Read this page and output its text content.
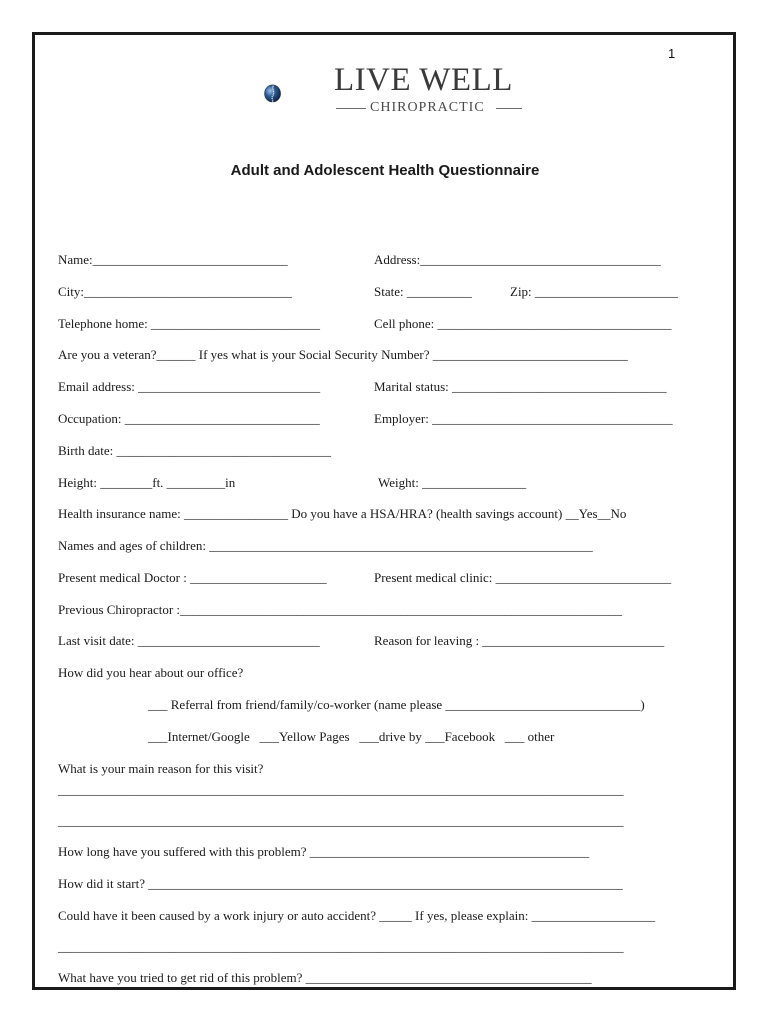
1
LIVE WELL
CHIROPRACTIC
Adult and Adolescent Health Questionnaire
Name:______________________________	Address:_____________________________________
City:________________________________	State: __________	Zip: ______________________
Telephone home: __________________________	Cell phone: ____________________________________
Are you a veteran?______ If yes what is your Social Security Number? ______________________________
Email address: ____________________________	Marital status: _________________________________
Occupation: ______________________________	Employer: _____________________________________
Birth date: _________________________________
Height: ________ft. _________in	Weight: ________________
Health insurance name: ________________ Do you have a HSA/HRA? (health savings account) __Yes__No
Names and ages of children: ___________________________________________________________
Present medical Doctor : _____________________	Present medical clinic: ___________________________
Previous Chiropractor :____________________________________________________________________
Last visit date: ____________________________	Reason for leaving : ____________________________
How did you hear about our office?
___ Referral from friend/family/co-worker (name please ______________________________)
___Internet/Google   ___Yellow Pages   ___drive by ___Facebook   ___ other
What is your main reason for this visit?
_______________________________________________________________________________________
_______________________________________________________________________________________
How long have you suffered with this problem? ___________________________________________
How did it start? _________________________________________________________________________
Could have it been caused by a work injury or auto accident? _____ If yes, please explain: ___________________
_______________________________________________________________________________________
What have you tried to get rid of this problem? ____________________________________________
